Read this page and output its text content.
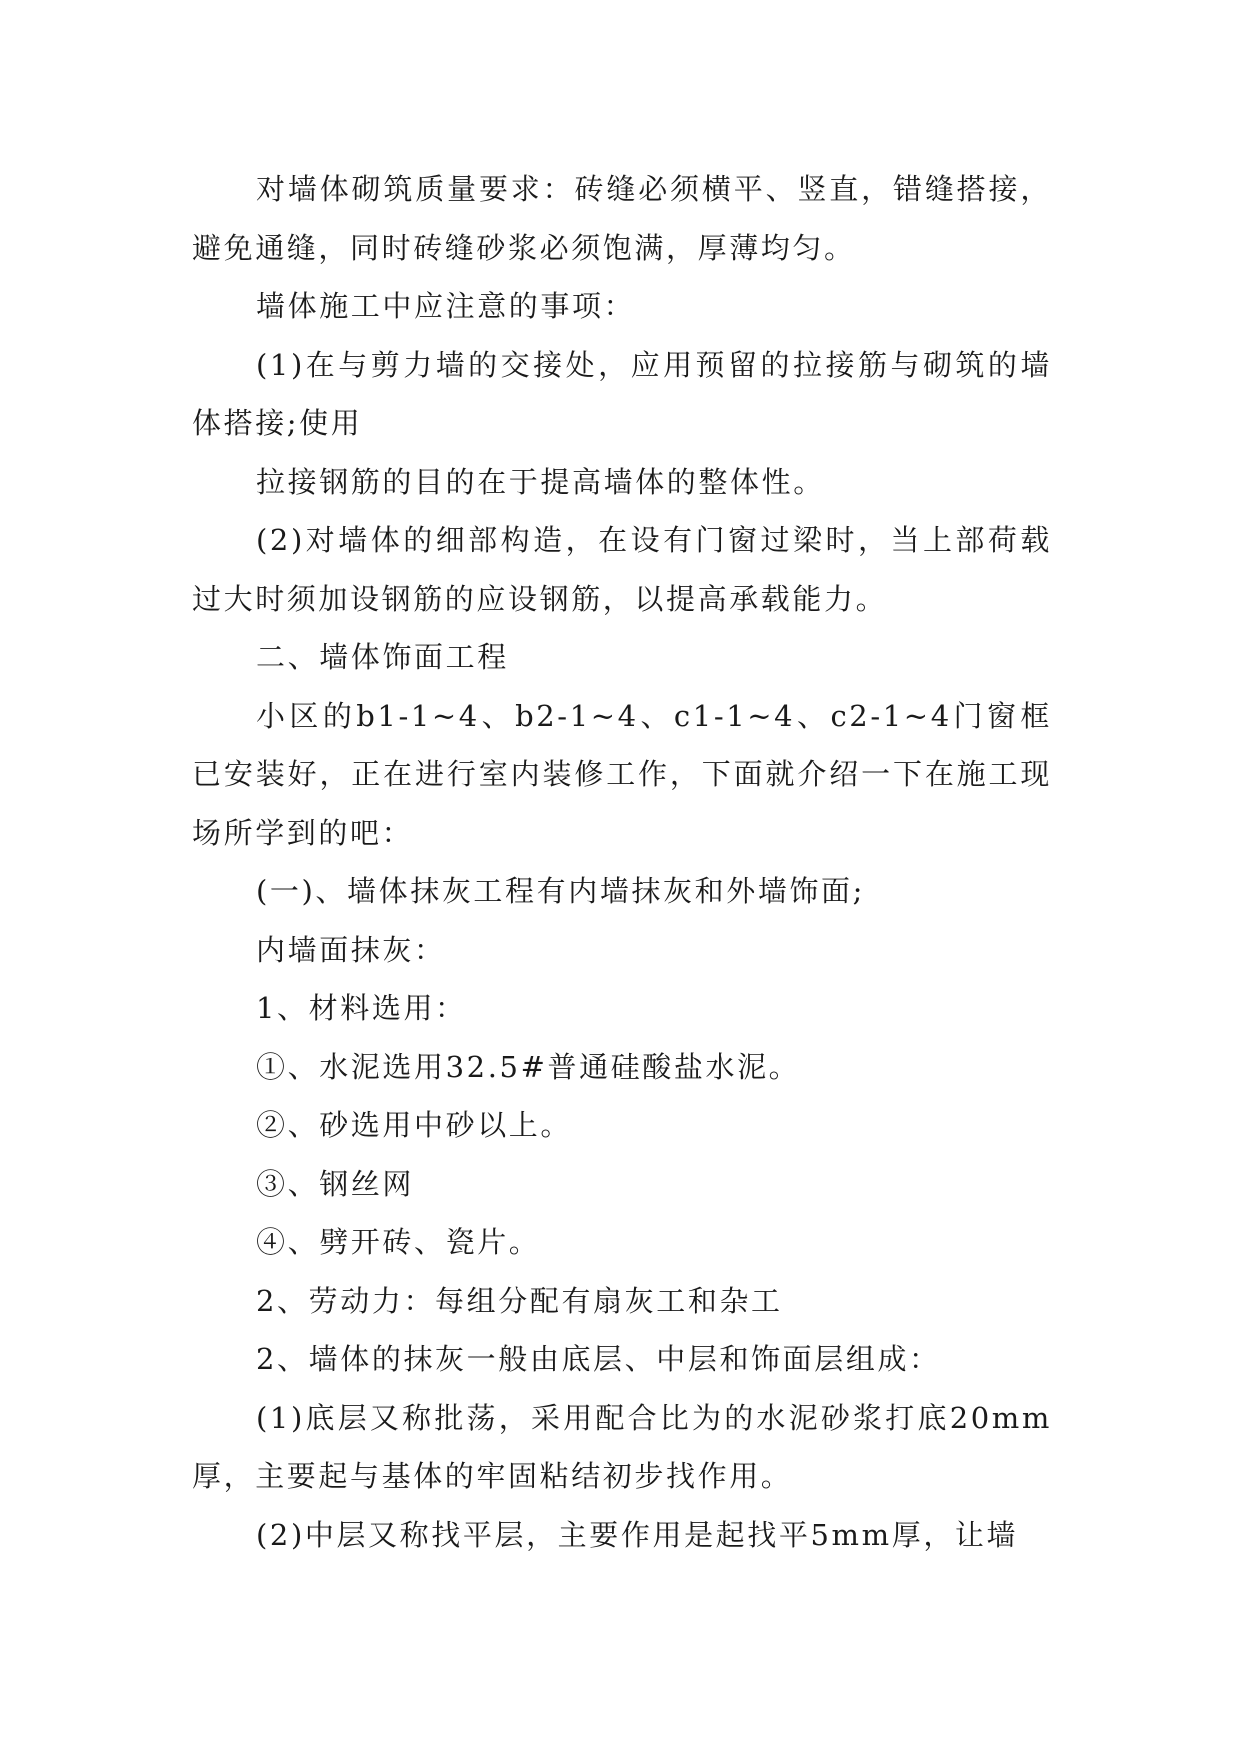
对墙体砌筑质量要求：砖缝必须横平、竖直，错缝搭接，避免通缝，同时砖缝砂浆必须饱满，厚薄均匀。

墙体施工中应注意的事项：

(1)在与剪力墙的交接处，应用预留的拉接筋与砌筑的墙体搭接;使用

拉接钢筋的目的在于提高墙体的整体性。

(2)对墙体的细部构造，在设有门窗过梁时，当上部荷载过大时须加设钢筋的应设钢筋，以提高承载能力。

二、墙体饰面工程

小区的b1-1~4、b2-1~4、c1-1~4、c2-1~4门窗框已安装好，正在进行室内装修工作，下面就介绍一下在施工现场所学到的吧：

(一)、墙体抹灰工程有内墙抹灰和外墙饰面;

内墙面抹灰：

1、材料选用：

①、水泥选用32.5#普通硅酸盐水泥。

②、砂选用中砂以上。

③、钢丝网

④、劈开砖、瓷片。

2、劳动力：每组分配有扇灰工和杂工

2、墙体的抹灰一般由底层、中层和饰面层组成：

(1)底层又称批荡，采用配合比为的水泥砂浆打底20mm厚，主要起与基体的牢固粘结初步找作用。

(2)中层又称找平层，主要作用是起找平5mm厚，让墙
